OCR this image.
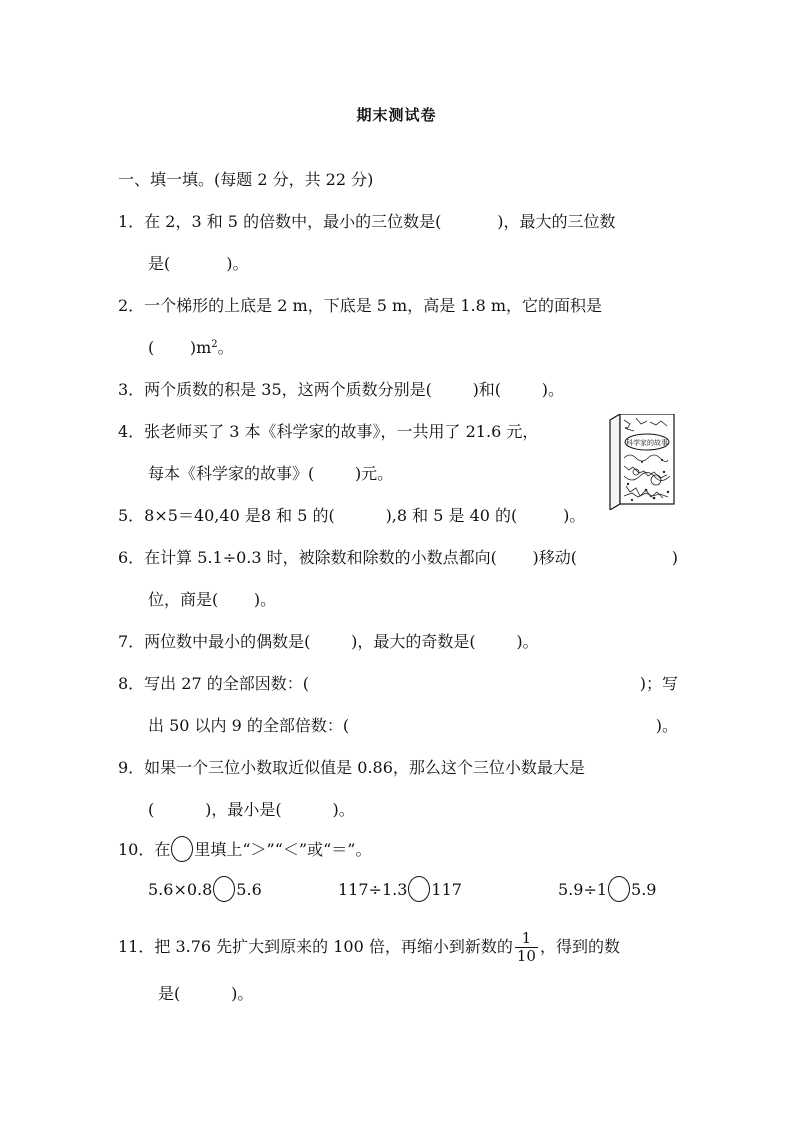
期末测试卷
一、填一填。(每题 2 分，共 22 分)
1．在 2，3 和 5 的倍数中，最小的三位数是(	)，最大的三位数
是(	)。
2．一个梯形的上底是 2 m，下底是 5 m，高是 1.8 m，它的面积是
( )$m^2$。
3．两个质数的积是 35，这两个质数分别是(	)和(	)。
4．张老师买了 3 本《科学家的故事》，一共用了 21.6 元，
每本《科学家的故事》(	)元。
科学家的故事
5．8×5＝40,40 是8 和 5 的(	),8 和 5 是 40 的(	)。
6．在计算 5.1÷0.3 时，被除数和除数的小数点都向( )移动(	)
位，商是( )。
7．两位数中最小的偶数是(	)，最大的奇数是(	)。
8．写出 27 的全部因数：(	)；写
出 50 以内 9 的全部倍数：(	)。
9．如果一个三位小数取近似值是 0.86，那么这个三位小数最大是
(	)，最小是(	)。
10．在 里填上“＞”“＜”或“＝”。
5.6×0.8 5.6	117÷1.3 117	5.9÷1 5.9
11．把 3.76 先扩大到原来的 100 倍，再缩小到新数的 $\frac{1}{10}$ ，得到的数
是(	)。
